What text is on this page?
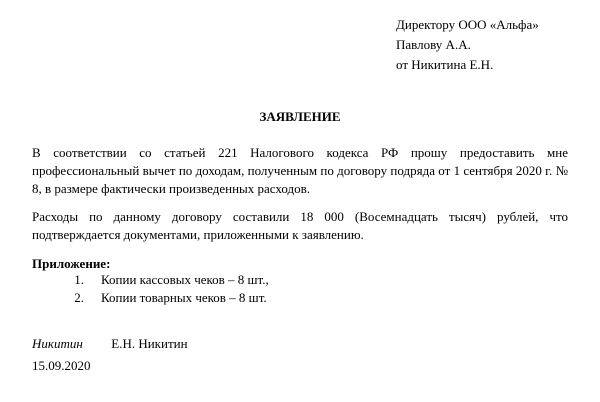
Директору ООО «Альфа»
Павлову А.А.
от Никитина Е.Н.
ЗАЯВЛЕНИЕ
В соответствии со статьей 221 Налогового кодекса РФ прошу предоставить мне профессиональный вычет по доходам, полученным по договору подряда от 1 сентября 2020 г. № 8, в размере фактически произведенных расходов.
Расходы по данному договору составили 18 000 (Восемнадцать тысяч) рублей, что подтверждается документами, приложенными к заявлению.
Приложение:
1. Копии кассовых чеков – 8 шт.,
2. Копии товарных чеков – 8 шт.
Никитин Е.Н. Никитин
15.09.2020
